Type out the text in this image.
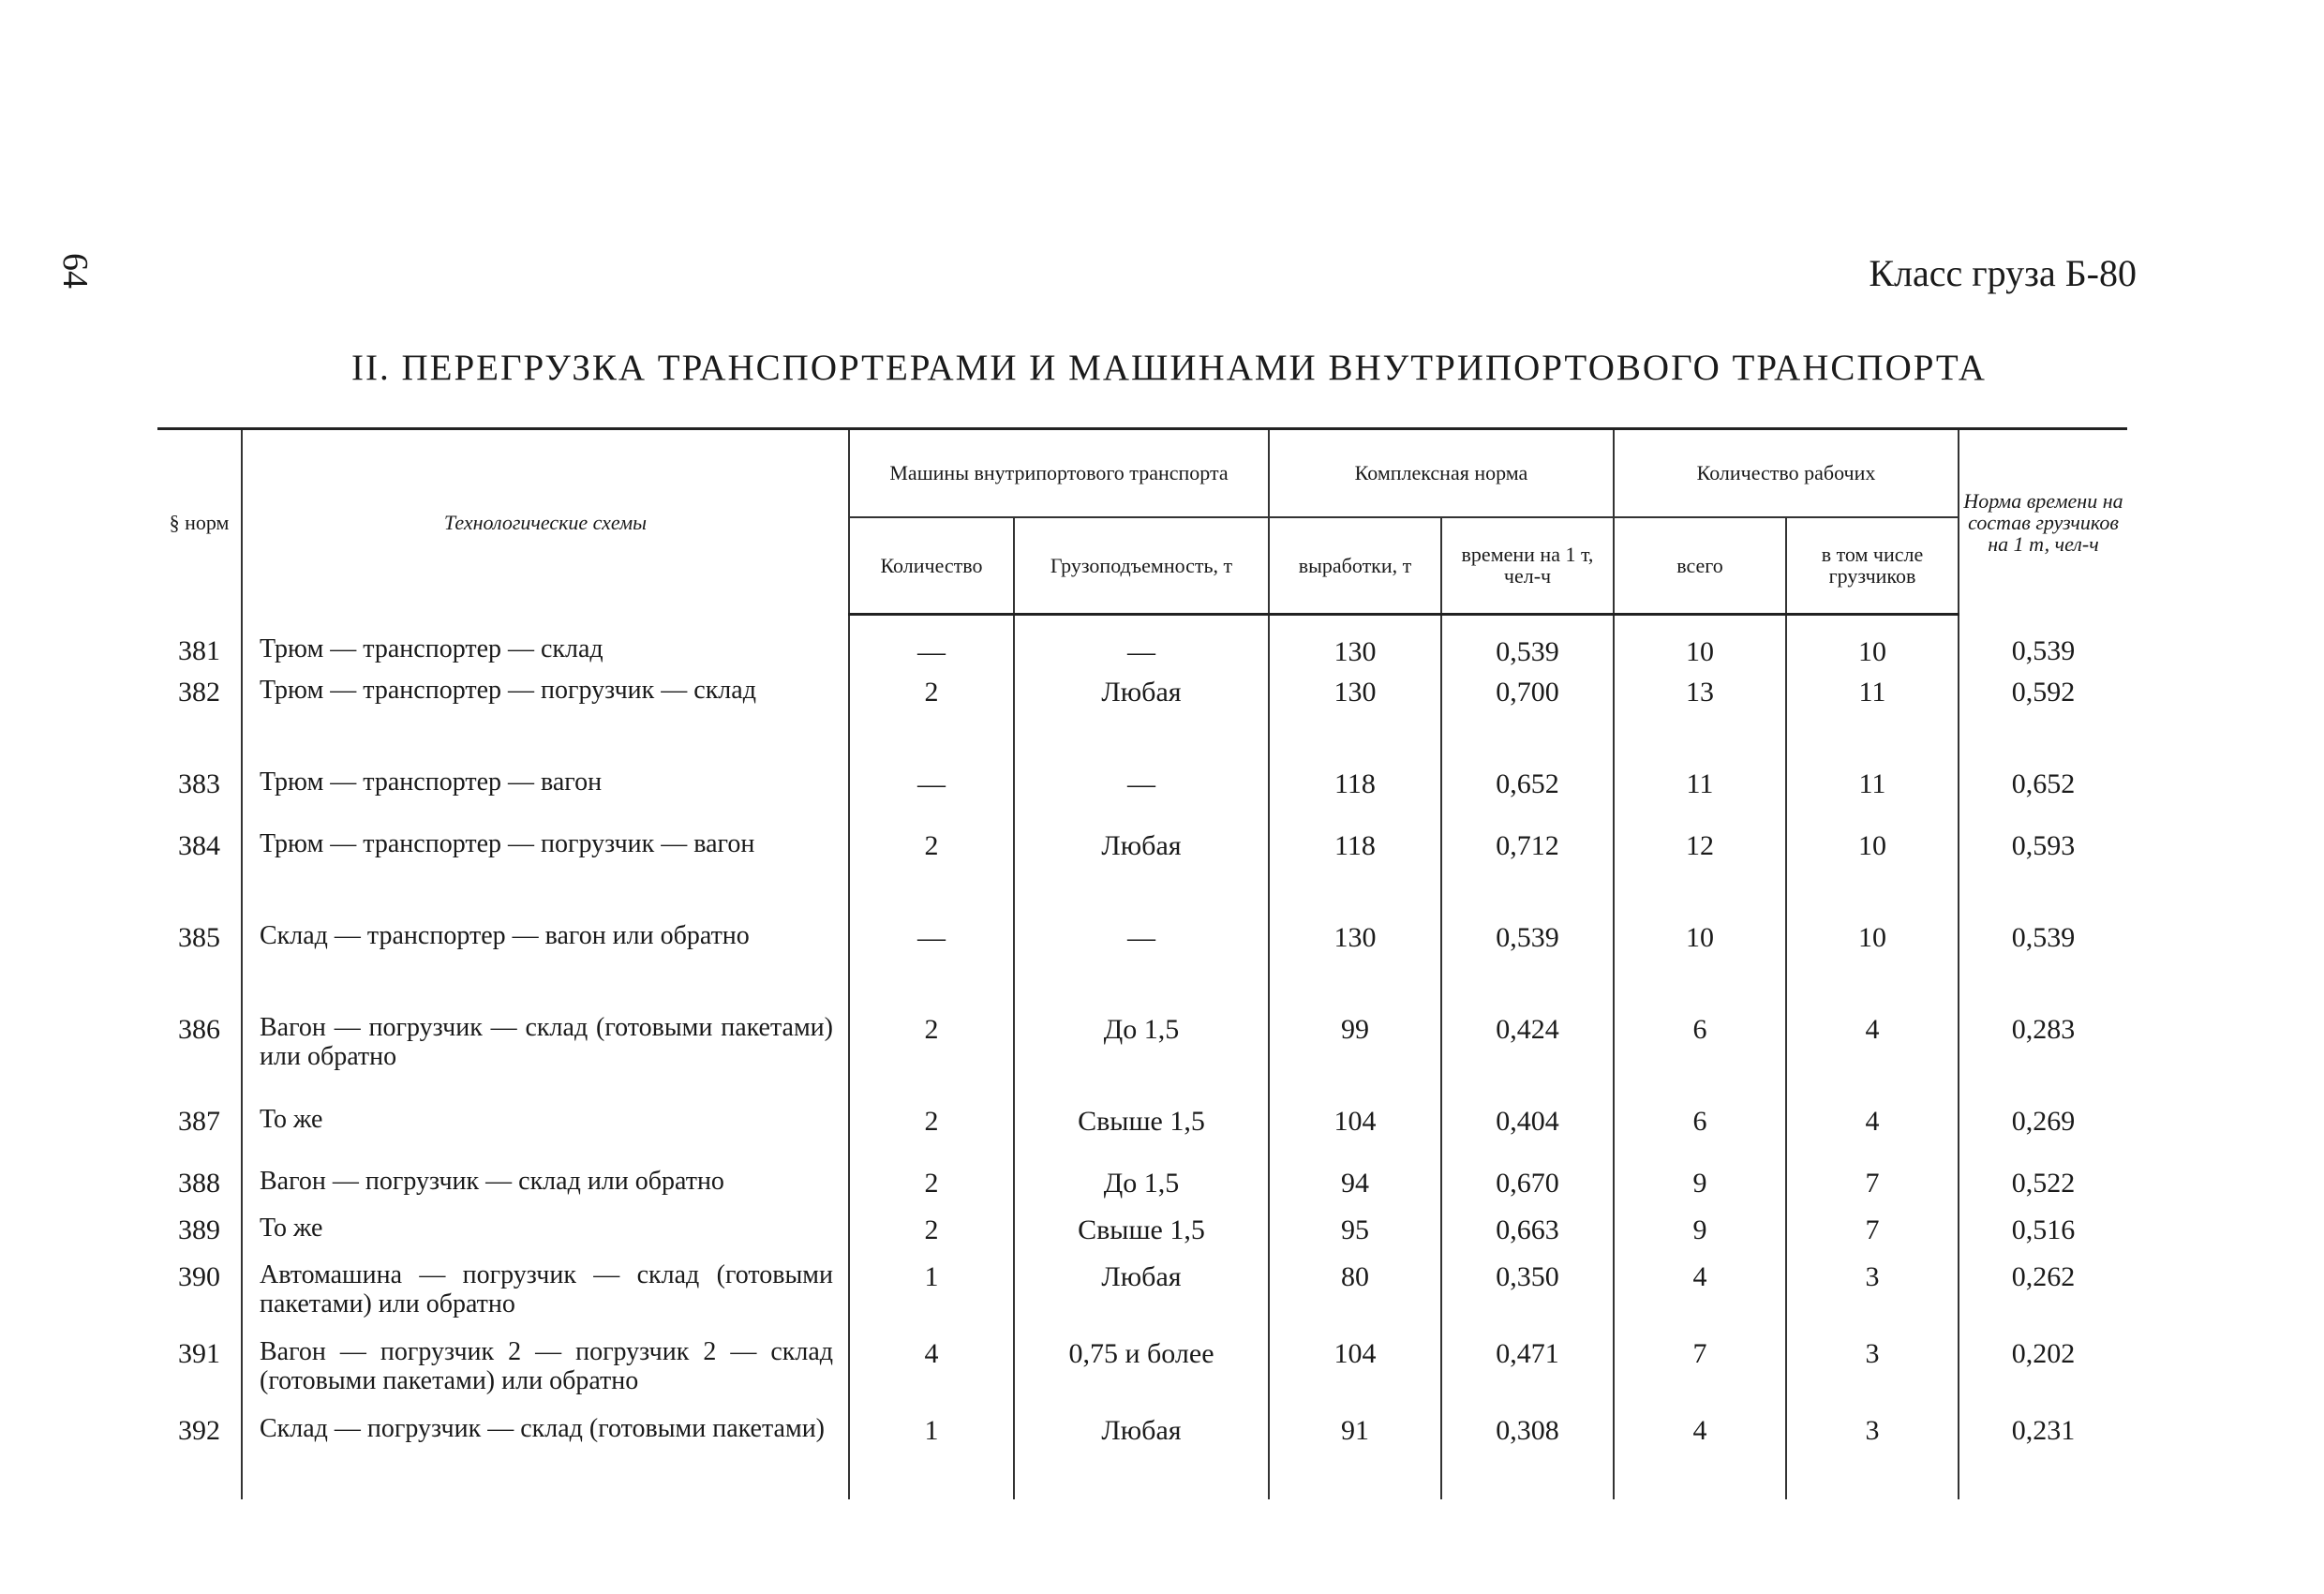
64	Класс груза Б-80
II. ПЕРЕГРУЗКА ТРАНСПОРТЕРАМИ И МАШИНАМИ ВНУТРИПОРТОВОГО ТРАНСПОРТА
§ норм	Технологические схемы	Машины внутрипортового транспорта		Комплексная норма		Количество рабочих		Норма времени на состав грузчиков на 1 т, чел-ч
		Количество	Грузоподъемность, т	выработки, т	времени на 1 т, чел-ч	всего	в том числе грузчиков	
381	Трюм — транспортер — склад	—	—	130	0,539	10	10	0,539
382	Трюм — транспортер — погрузчик — склад	2	Любая	130	0,700	13	11	0,592
383	Трюм — транспортер — вагон	—	—	118	0,652	11	11	0,652
384	Трюм — транспортер — погрузчик — вагон	2	Любая	118	0,712	12	10	0,593
385	Склад — транспортер — вагон или обратно	—	—	130	0,539	10	10	0,539
386	Вагон — погрузчик — склад (готовыми пакетами) или обратно	2	До 1,5	99	0,424	6	4	0,283
387	То же	2	Свыше 1,5	104	0,404	6	4	0,269
388	Вагон — погрузчик — склад или обратно	2	До 1,5	94	0,670	9	7	0,522
389	То же	2	Свыше 1,5	95	0,663	9	7	0,516
390	Автомашина — погрузчик — склад (готовыми пакетами) или обратно	1	Любая	80	0,350	4	3	0,262
391	Вагон — погрузчик 2 — погрузчик 2 — склад (готовыми пакетами) или обратно	4	0,75 и более	104	0,471	7	3	0,202
392	Склад — погрузчик — склад (готовыми пакетами)	1	Любая	91	0,308	4	3	0,231
